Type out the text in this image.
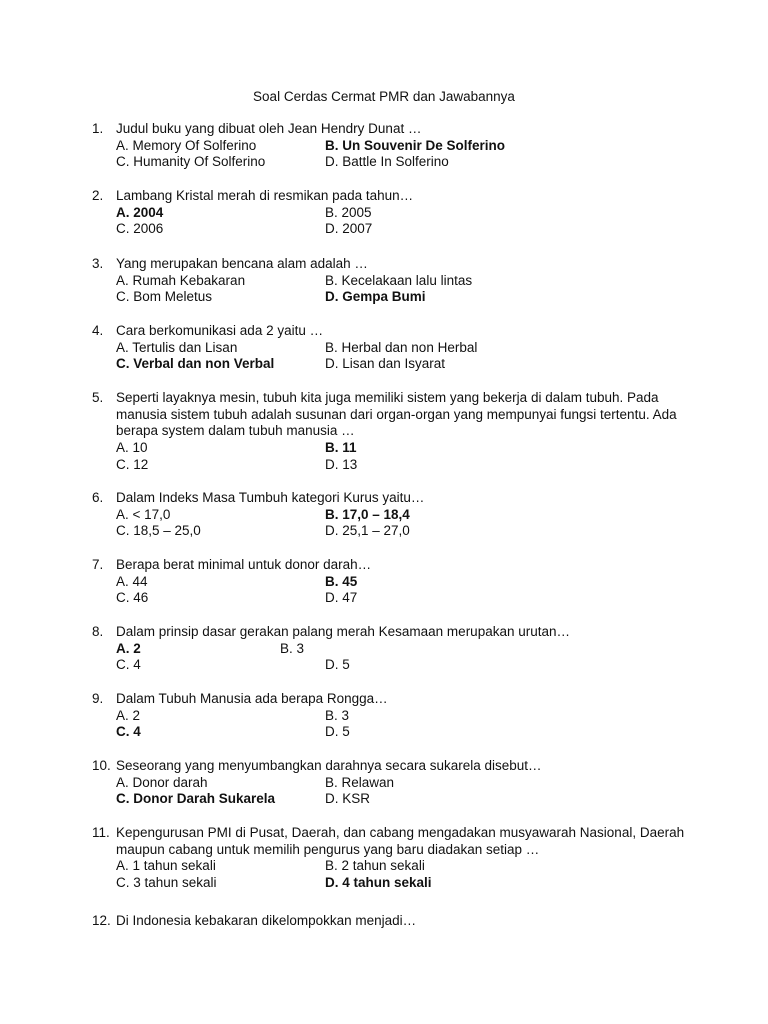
Soal Cerdas Cermat PMR dan Jawabannya
1. Judul buku yang dibuat oleh Jean Hendry Dunat …
A. Memory Of Solferino	B. Un Souvenir De Solferino
C. Humanity Of Solferino	D. Battle In Solferino
2. Lambang Kristal merah di resmikan pada tahun…
A. 2004	B. 2005
C. 2006	D. 2007
3. Yang merupakan bencana alam adalah …
A. Rumah Kebakaran	B. Kecelakaan lalu lintas
C. Bom Meletus	D. Gempa Bumi
4. Cara berkomunikasi ada 2 yaitu …
A. Tertulis dan Lisan	B. Herbal dan non Herbal
C. Verbal dan non Verbal	D. Lisan dan Isyarat
5. Seperti layaknya mesin, tubuh kita juga memiliki sistem yang bekerja di dalam tubuh. Pada
manusia sistem tubuh adalah susunan dari organ-organ yang mempunyai fungsi tertentu. Ada
berapa system dalam tubuh manusia …
A. 10	B. 11
C. 12	D. 13
6. Dalam Indeks Masa Tumbuh kategori Kurus yaitu…
A. < 17,0	B. 17,0 – 18,4
C. 18,5 – 25,0	D. 25,1 – 27,0
7. Berapa berat minimal untuk donor darah…
A. 44	B. 45
C. 46	D. 47
8. Dalam prinsip dasar gerakan palang merah Kesamaan merupakan urutan…
A. 2	B. 3
C. 4	D. 5
9. Dalam Tubuh Manusia ada berapa Rongga…
A. 2	B. 3
C. 4	D. 5
10. Seseorang yang menyumbangkan darahnya secara sukarela disebut…
A. Donor darah	B. Relawan
C. Donor Darah Sukarela	D. KSR
11. Kepengurusan PMI di Pusat, Daerah, dan cabang mengadakan musyawarah Nasional, Daerah
maupun cabang untuk memilih pengurus yang baru diadakan setiap …
A. 1 tahun sekali	B. 2 tahun sekali
C. 3 tahun sekali	D. 4 tahun sekali
12. Di Indonesia kebakaran dikelompokkan menjadi…
